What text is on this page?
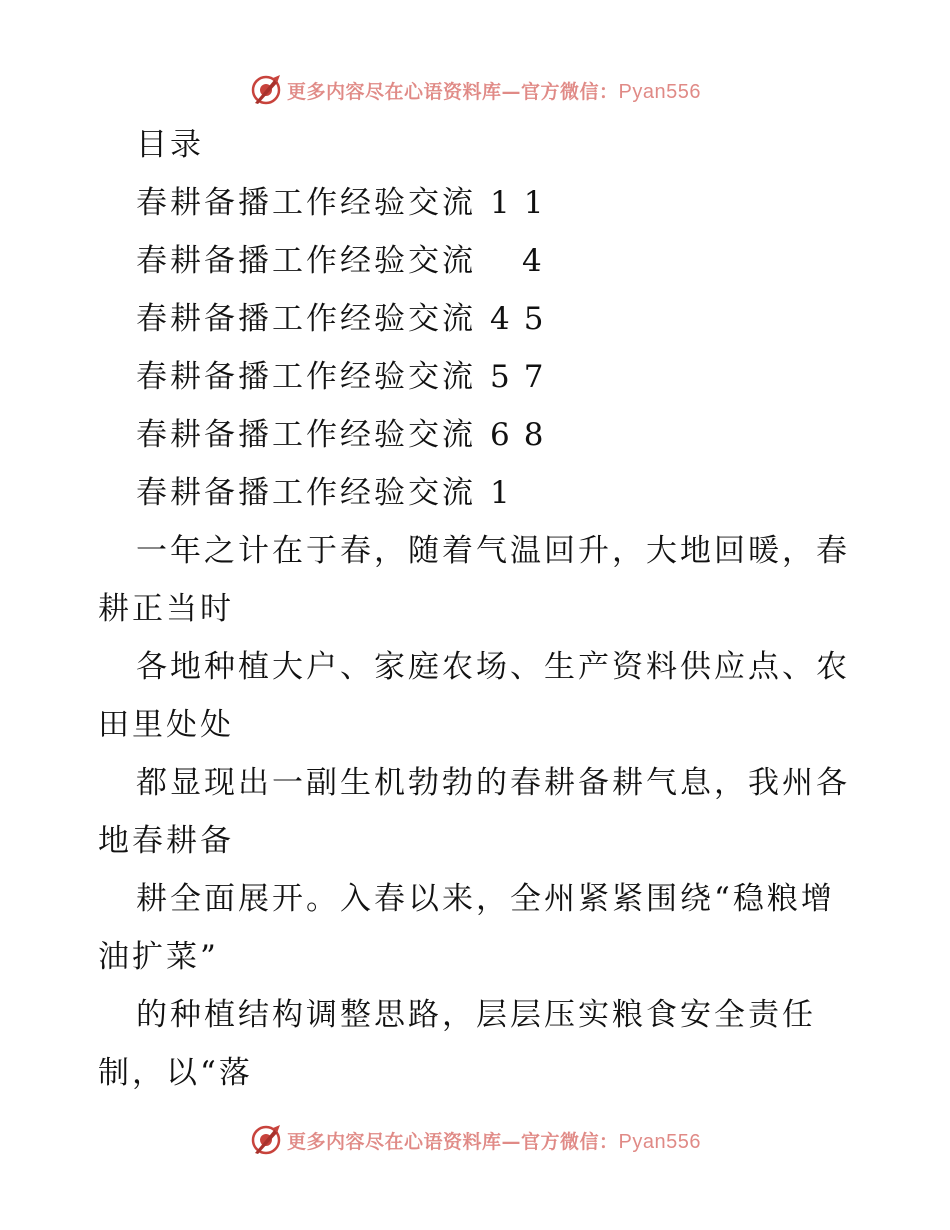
更多内容尽在心语资料库—官方微信：Pyan556
目录
春耕备播工作经验交流 1 1
春耕备播工作经验交流 4
春耕备播工作经验交流 4 5
春耕备播工作经验交流 5 7
春耕备播工作经验交流 6 8
春耕备播工作经验交流 1
一年之计在于春，随着气温回升，大地回暖，春
耕正当时
各地种植大户、家庭农场、生产资料供应点、农
田里处处
都显现出一副生机勃勃的春耕备耕气息，我州各
地春耕备
耕全面展开。入春以来，全州紧紧围绕“稳粮增
油扩菜”
的种植结构调整思路，层层压实粮食安全责任
制，以“落
更多内容尽在心语资料库—官方微信：Pyan556
